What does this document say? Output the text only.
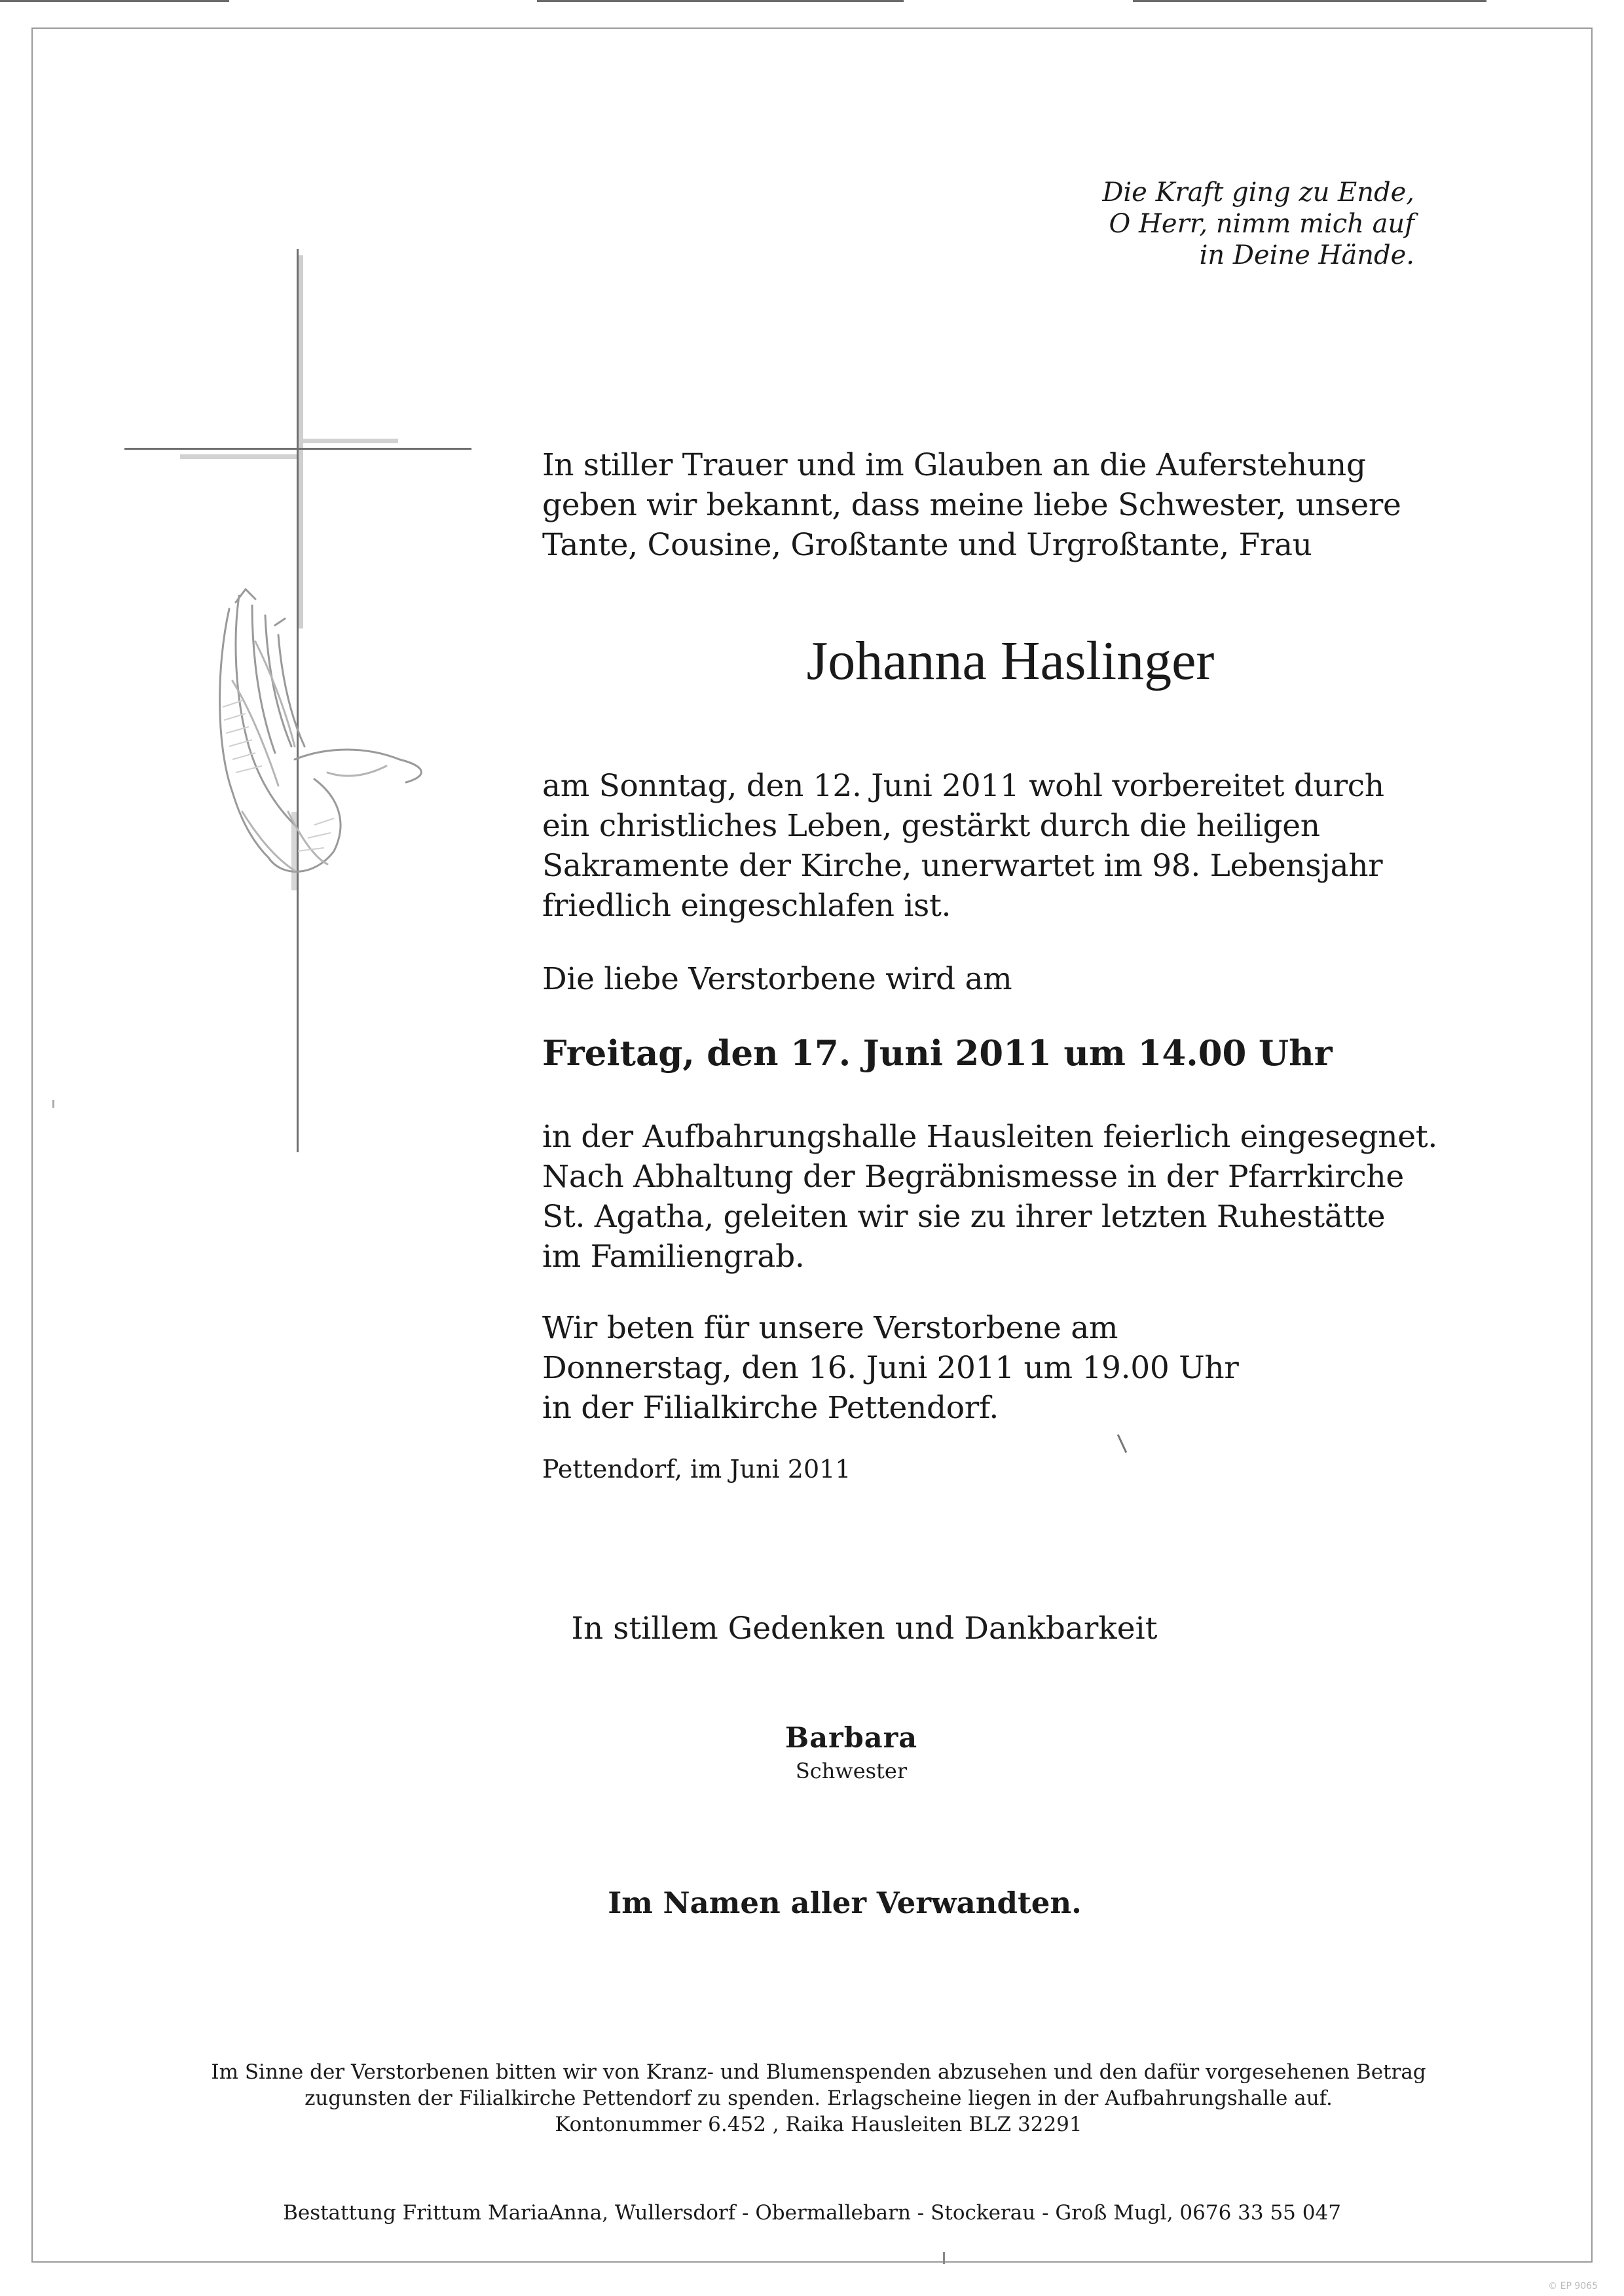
Die Kraft ging zu Ende,
O Herr, nimm mich auf
in Deine Hände.
In stiller Trauer und im Glauben an die Auferstehung
geben wir bekannt, dass meine liebe Schwester, unsere
Tante, Cousine, Großtante und Urgroßtante, Frau
Johanna Haslinger
am Sonntag, den 12. Juni 2011 wohl vorbereitet durch
ein christliches Leben, gestärkt durch die heiligen
Sakramente der Kirche, unerwartet im 98. Lebensjahr
friedlich eingeschlafen ist.
Die liebe Verstorbene wird am
Freitag, den 17. Juni 2011 um 14.00 Uhr
in der Aufbahrungshalle Hausleiten feierlich eingesegnet.
Nach Abhaltung der Begräbnismesse in der Pfarrkirche
St. Agatha, geleiten wir sie zu ihrer letzten Ruhestätte
im Familiengrab.
Wir beten für unsere Verstorbene am
Donnerstag, den 16. Juni 2011 um 19.00 Uhr
in der Filialkirche Pettendorf.
Pettendorf, im Juni 2011
In stillem Gedenken und Dankbarkeit
Barbara
Schwester
Im Namen aller Verwandten.
Im Sinne der Verstorbenen bitten wir von Kranz- und Blumenspenden abzusehen und den dafür vorgesehenen Betrag
zugunsten der Filialkirche Pettendorf zu spenden. Erlagscheine liegen in der Aufbahrungshalle auf.
Kontonummer 6.452 , Raika Hausleiten BLZ 32291
Bestattung Frittum MariaAnna, Wullersdorf - Obermallebarn - Stockerau - Groß Mugl, 0676 33 55 047
© EP 9065
